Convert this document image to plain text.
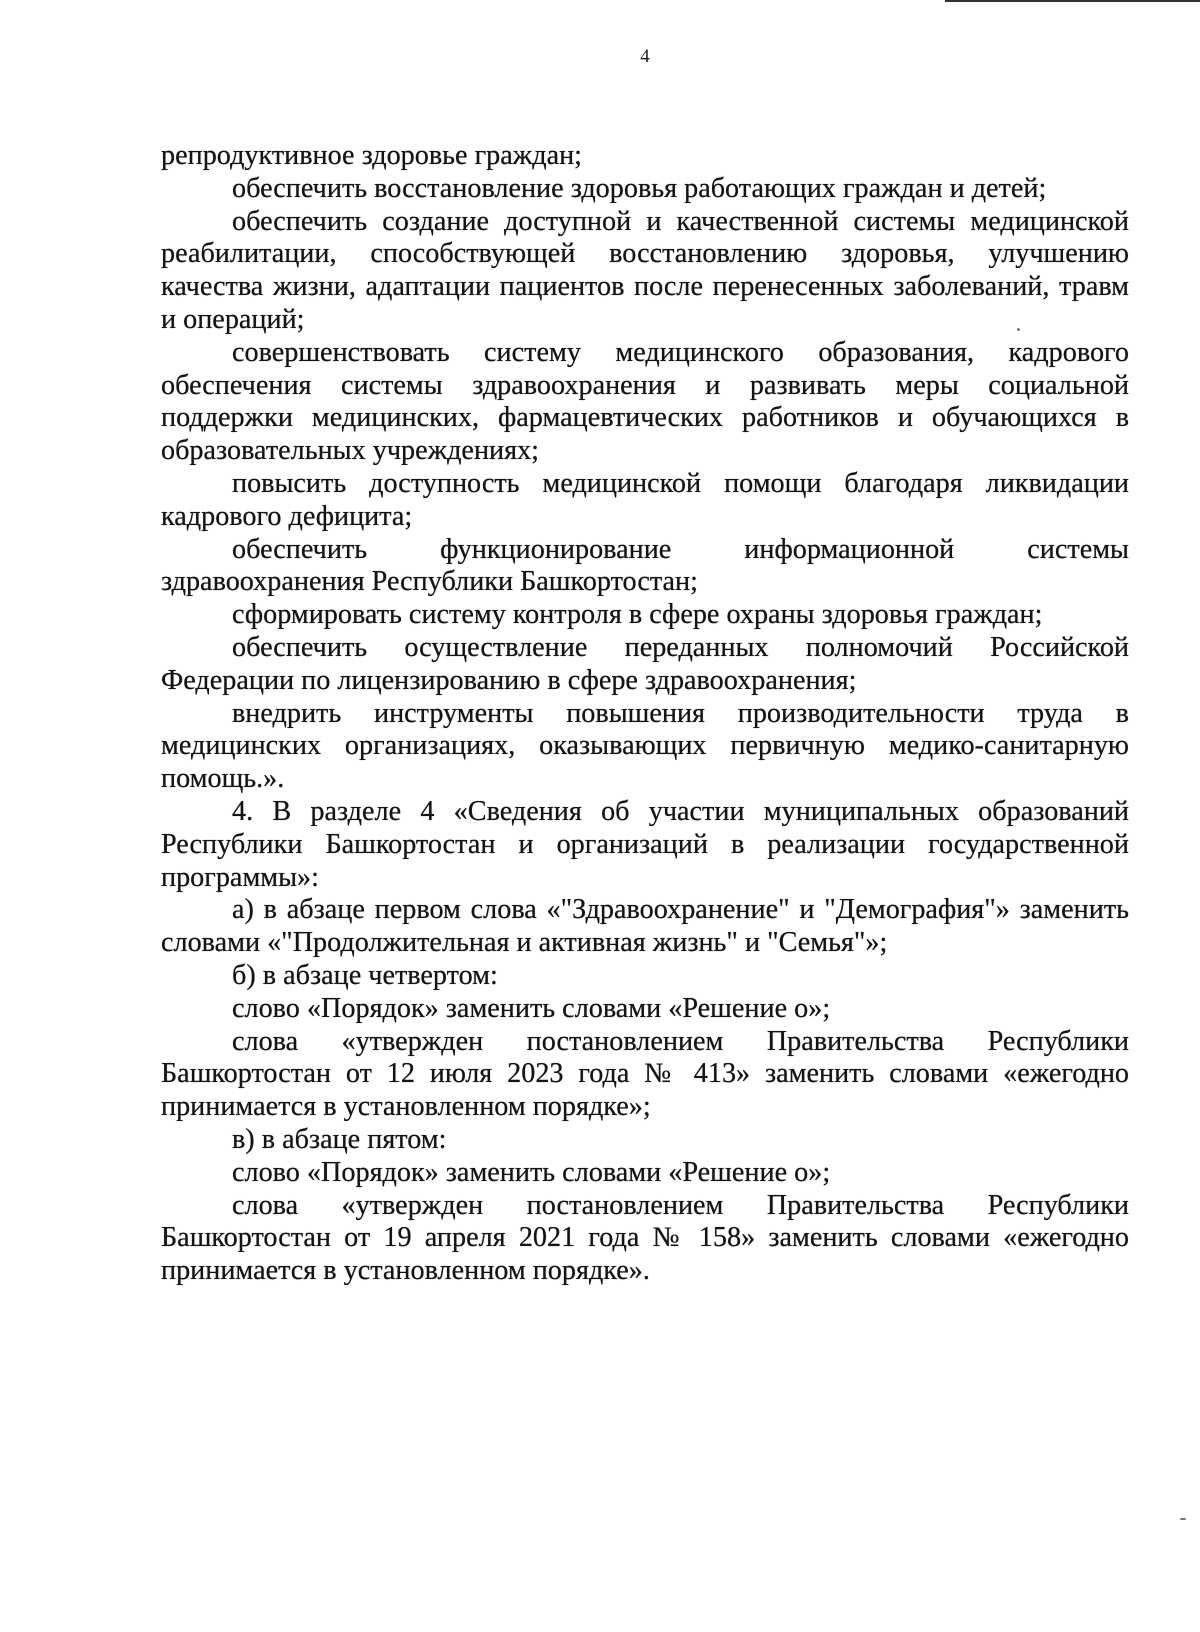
4

репродуктивное здоровье граждан;

обеспечить восстановление здоровья работающих граждан и детей;

обеспечить создание доступной и качественной системы медицинской реабилитации, способствующей восстановлению здоровья, улучшению качества жизни, адаптации пациентов после перенесенных заболеваний, травм и операций;

совершенствовать систему медицинского образования, кадрового обеспечения системы здравоохранения и развивать меры социальной поддержки медицинских, фармацевтических работников и обучающихся в образовательных учреждениях;

повысить доступность медицинской помощи благодаря ликвидации кадрового дефицита;

обеспечить функционирование информационной системы здравоохранения Республики Башкортостан;

сформировать систему контроля в сфере охраны здоровья граждан;

обеспечить осуществление переданных полномочий Российской Федерации по лицензированию в сфере здравоохранения;

внедрить инструменты повышения производительности труда в медицинских организациях, оказывающих первичную медико-санитарную помощь.».

4. В разделе 4 «Сведения об участии муниципальных образований Республики Башкортостан и организаций в реализации государственной программы»:

а) в абзаце первом слова «"Здравоохранение" и "Демография"» заменить словами «"Продолжительная и активная жизнь" и "Семья"»;

б) в абзаце четвертом:

слово «Порядок» заменить словами «Решение о»;

слова «утвержден постановлением Правительства Республики Башкортостан от 12 июля 2023 года № 413» заменить словами «ежегодно принимается в установленном порядке»;

в) в абзаце пятом:

слово «Порядок» заменить словами «Решение о»;

слова «утвержден постановлением Правительства Республики Башкортостан от 19 апреля 2021 года № 158» заменить словами «ежегодно принимается в установленном порядке».
